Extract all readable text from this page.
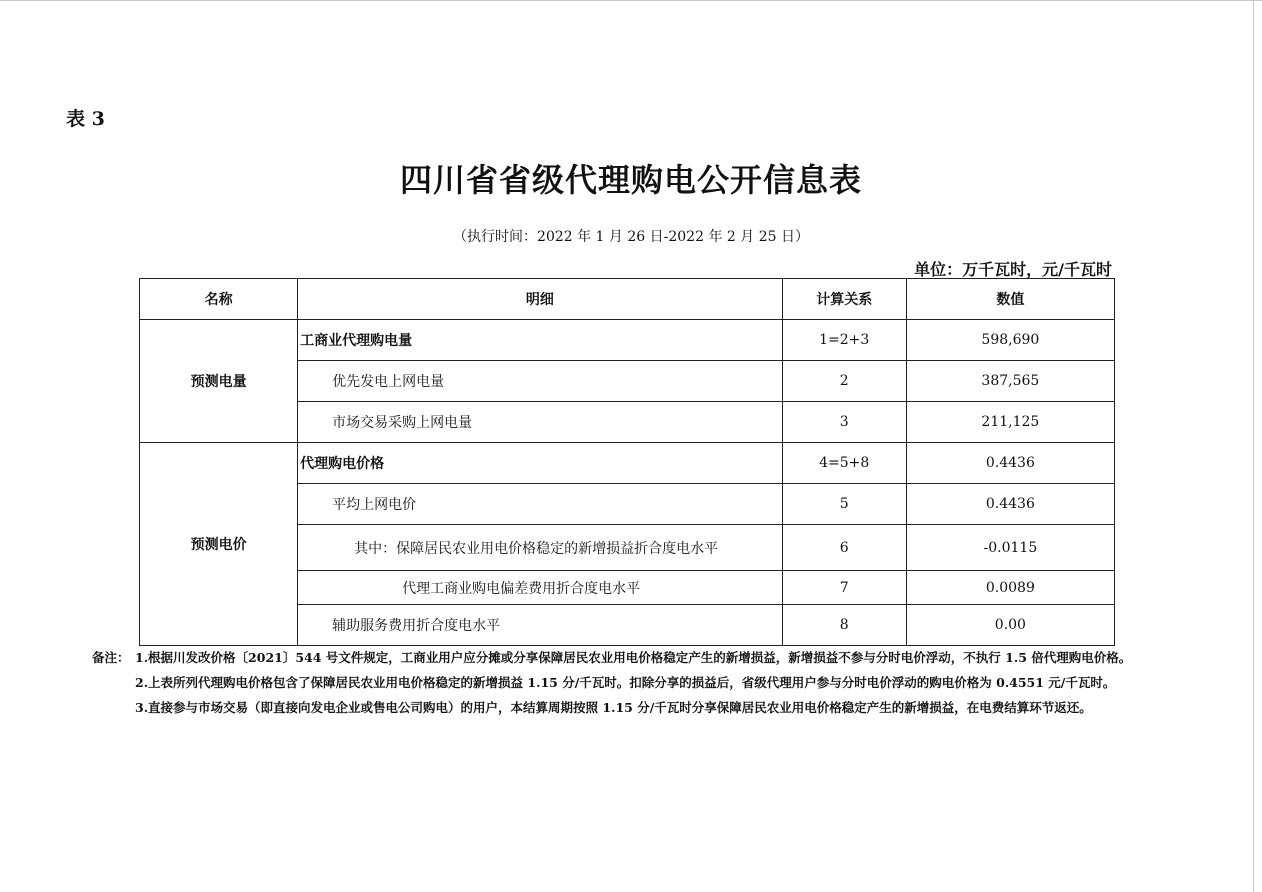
表 3
四川省省级代理购电公开信息表
（执行时间：2022 年 1 月 26 日-2022 年 2 月 25 日）
单位：万千瓦时，元/千瓦时
名称	明细	计算关系	数值
预测电量	工商业代理购电量	1=2+3	598,690
	优先发电上网电量	2	387,565
	市场交易采购上网电量	3	211,125
预测电价	代理购电价格	4=5+8	0.4436
	平均上网电价	5	0.4436
	其中：保障居民农业用电价格稳定的新增损益折合度电水平	6	-0.0115
	代理工商业购电偏差费用折合度电水平	7	0.0089
	辅助服务费用折合度电水平	8	0.00
备注： 1.根据川发改价格〔2021〕544 号文件规定，工商业用户应分摊或分享保障居民农业用电价格稳定产生的新增损益，新增损益不参与分时电价浮动，不执行 1.5 倍代理购电价格。
2.上表所列代理购电价格包含了保障居民农业用电价格稳定的新增损益 1.15 分/千瓦时。扣除分享的损益后，省级代理用户参与分时电价浮动的购电价格为 0.4551 元/千瓦时。
3.直接参与市场交易（即直接向发电企业或售电公司购电）的用户，本结算周期按照 1.15 分/千瓦时分享保障居民农业用电价格稳定产生的新增损益，在电费结算环节返还。
